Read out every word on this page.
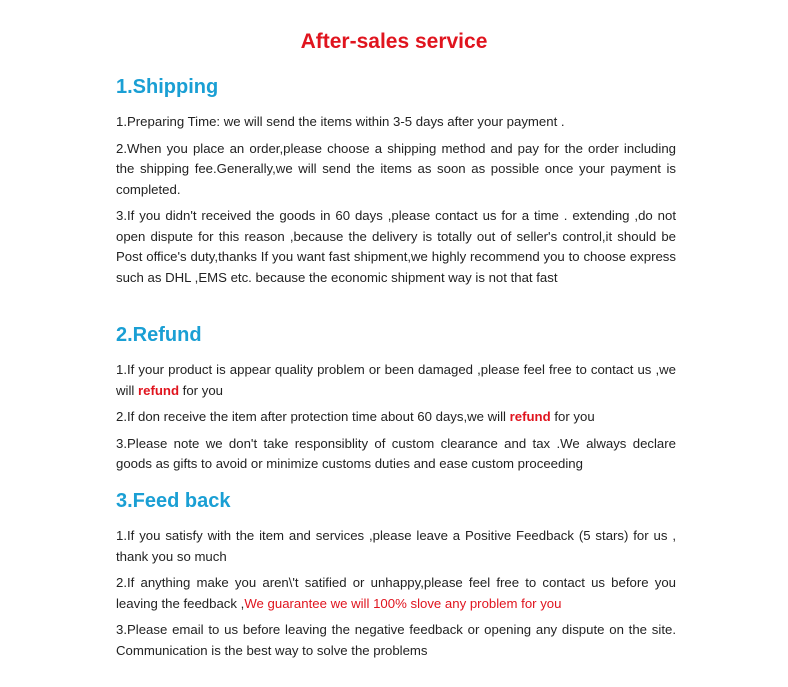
After-sales service
1.Shipping

1.Preparing Time: we will send the items within 3-5 days after your payment .

2.When you place an order,please choose a shipping method and pay for the order including the shipping fee.Generally,we will send the items as soon as possible once your payment is completed.

3.If you didn't received the goods in 60 days ,please contact us for a time . extending ,do not open dispute for this reason ,because the delivery is totally out of seller's control,it should be Post office's duty,thanks If you want fast shipment,we highly recommend you to choose express such as DHL ,EMS etc. because the economic shipment way is not that fast

2.Refund

1.If your product is appear quality problem or been damaged ,please feel free to contact us ,we will refund for you

2.If don receive the item after protection time about 60 days,we will refund for you

3.Please note we don't take responsiblity of custom clearance and tax .We always declare goods as gifts to avoid or minimize customs duties and ease custom proceeding

3.Feed back

1.If you satisfy with the item and services ,please leave a Positive Feedback (5 stars) for us , thank you so much

2.If anything make you aren\'t satified or unhappy,please feel free to contact us before you leaving the feedback ,We guarantee we will 100% slove any problem for you

3.Please email to us before leaving the negative feedback or opening any dispute on the site. Communication is the best way to solve the problems
